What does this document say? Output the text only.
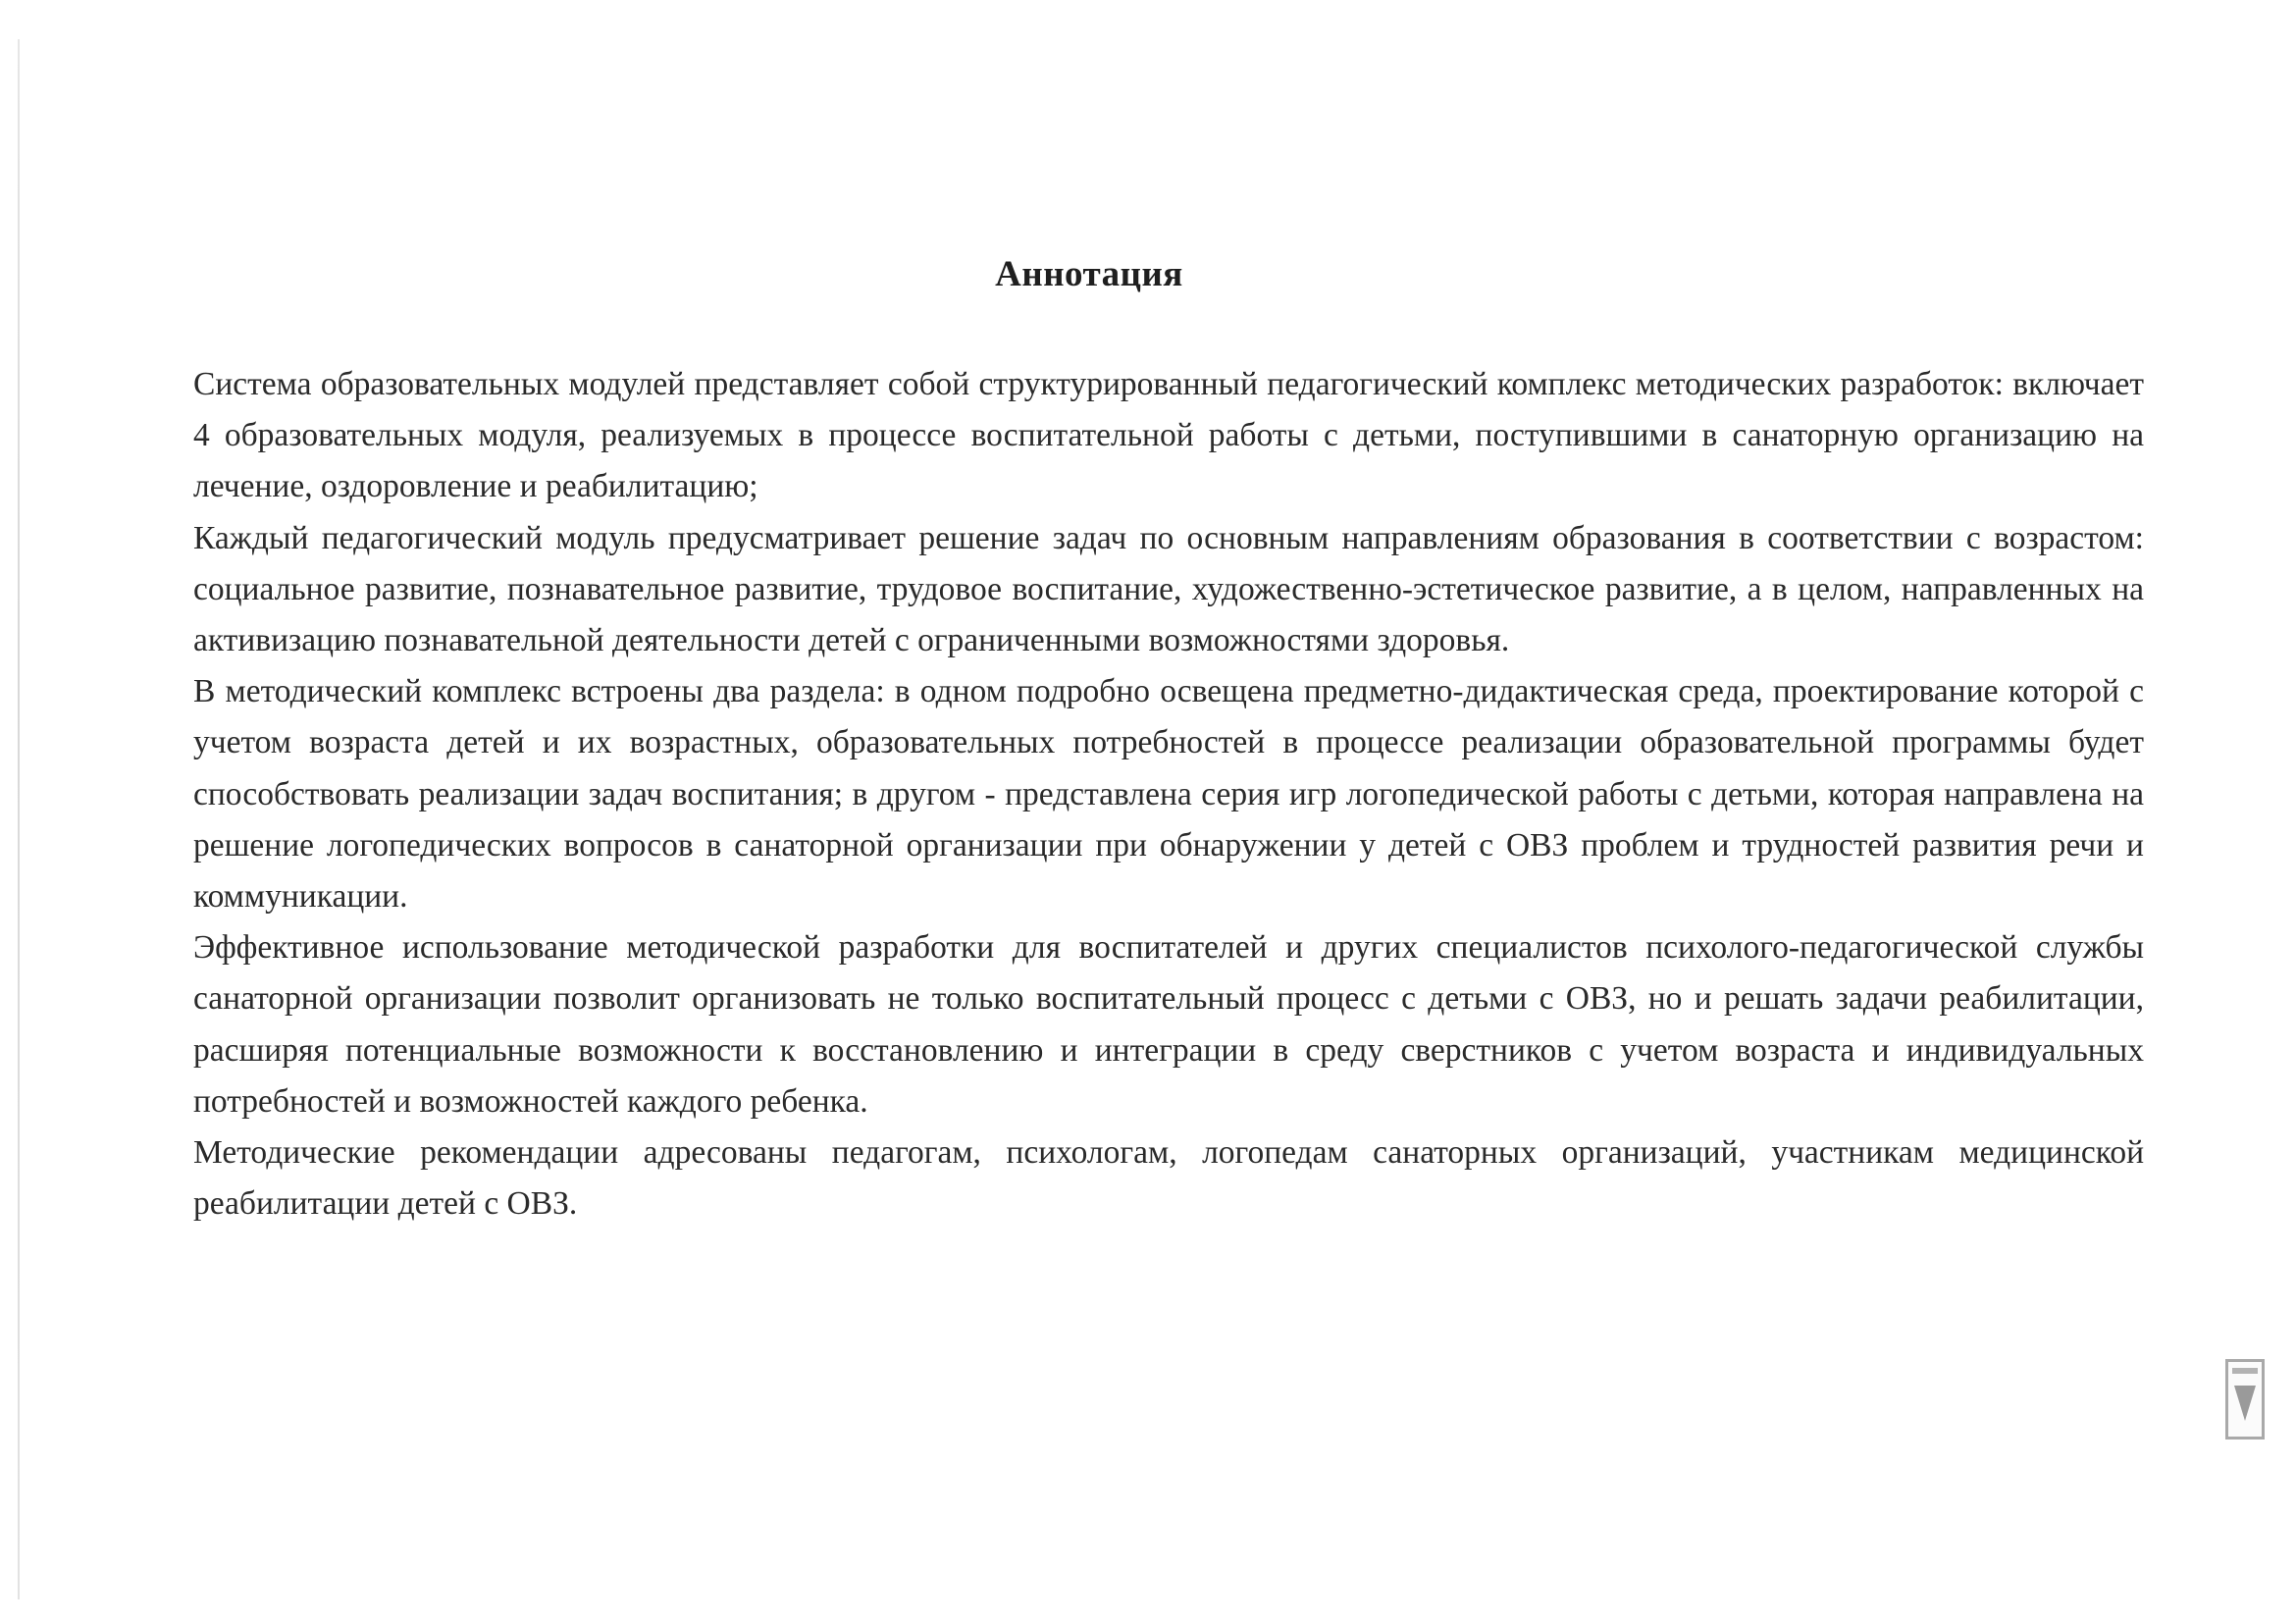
Аннотация

Система образовательных модулей представляет собой структурированный педагогический комплекс методических разработок: включает 4 образовательных модуля, реализуемых в процессе воспитательной работы с детьми, поступившими в санаторную организацию на лечение, оздоровление и реабилитацию;

Каждый педагогический модуль предусматривает решение задач по основным направлениям образования в соответствии с возрастом: социальное развитие, познавательное развитие, трудовое воспитание, художественно-эстетическое развитие, а в целом, направленных на активизацию познавательной деятельности детей с ограниченными возможностями здоровья.

В методический комплекс встроены два раздела: в одном подробно освещена предметно-дидактическая среда, проектирование которой с учетом возраста детей и их возрастных, образовательных потребностей в процессе реализации образовательной программы будет способствовать реализации задач воспитания; в другом - представлена серия игр логопедической работы с детьми, которая направлена на решение логопедических вопросов в санаторной организации при обнаружении у детей с ОВЗ проблем и трудностей развития речи и коммуникации.

Эффективное использование методической разработки для воспитателей и других специалистов психолого-педагогической службы санаторной организации позволит организовать не только воспитательный процесс с детьми с ОВЗ, но и решать задачи реабилитации, расширяя потенциальные возможности к восстановлению и интеграции в среду сверстников с учетом возраста и индивидуальных потребностей и возможностей каждого ребенка.

Методические рекомендации адресованы педагогам, психологам, логопедам санаторных организаций, участникам медицинской реабилитации детей с ОВЗ.
